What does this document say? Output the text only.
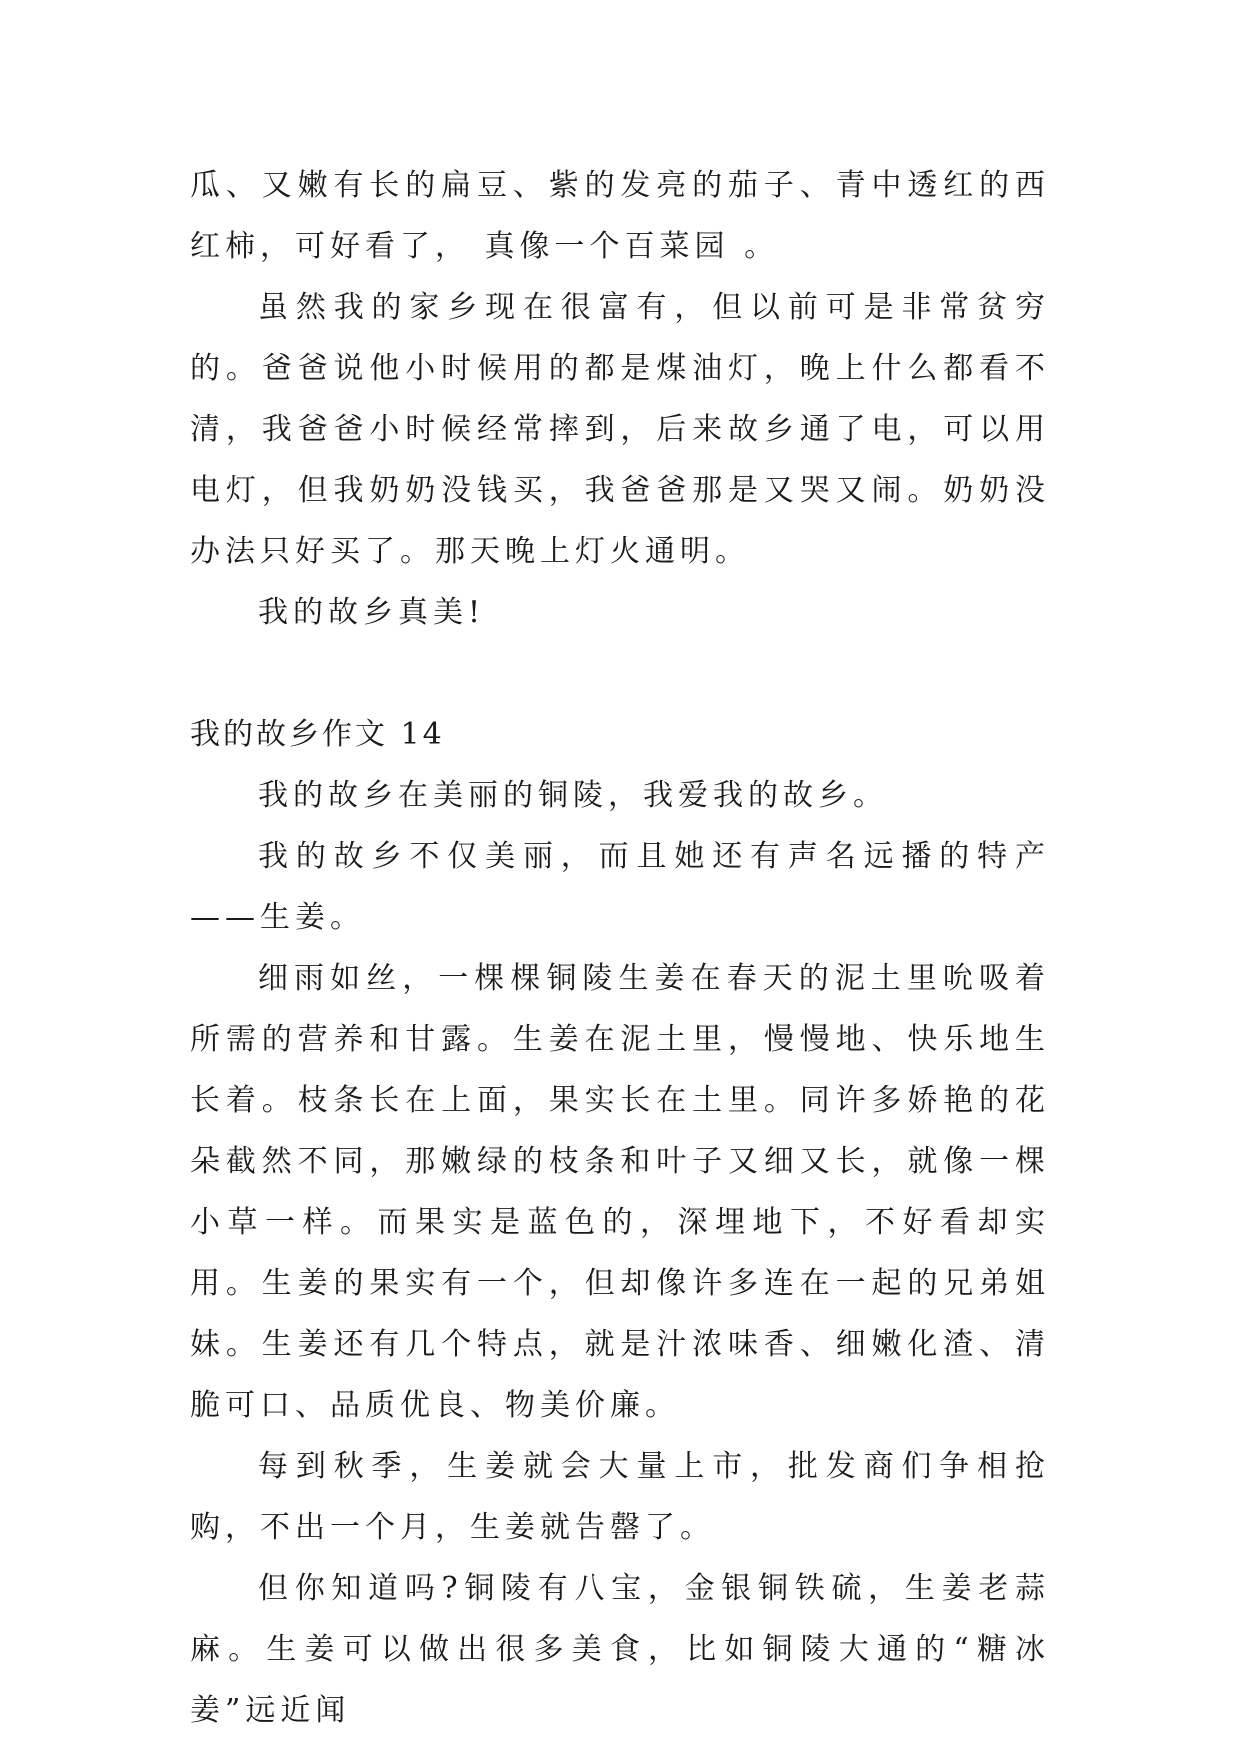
瓜、又嫩有长的扁豆、紫的发亮的茄子、青中透红的西红柿，可好看了， 真像一个百菜园 。

虽然我的家乡现在很富有，但以前可是非常贫穷的。爸爸说他小时候用的都是煤油灯，晚上什么都看不清，我爸爸小时候经常摔到，后来故乡通了电，可以用电灯，但我奶奶没钱买，我爸爸那是又哭又闹。奶奶没办法只好买了。那天晚上灯火通明。

我的故乡真美!

我的故乡作文 14

我的故乡在美丽的铜陵，我爱我的故乡。

我的故乡不仅美丽，而且她还有声名远播的特产——生姜。

细雨如丝，一棵棵铜陵生姜在春天的泥土里吮吸着所需的营养和甘露。生姜在泥土里，慢慢地、快乐地生长着。枝条长在上面，果实长在土里。同许多娇艳的花朵截然不同，那嫩绿的枝条和叶子又细又长，就像一棵小草一样。而果实是蓝色的，深埋地下，不好看却实用。生姜的果实有一个，但却像许多连在一起的兄弟姐妹。生姜还有几个特点，就是汁浓味香、细嫩化渣、清脆可口、品质优良、物美价廉。

每到秋季，生姜就会大量上市，批发商们争相抢购，不出一个月，生姜就告罄了。

但你知道吗?铜陵有八宝，金银铜铁硫，生姜老蒜麻。生姜可以做出很多美食，比如铜陵大通的“糖冰姜”远近闻
